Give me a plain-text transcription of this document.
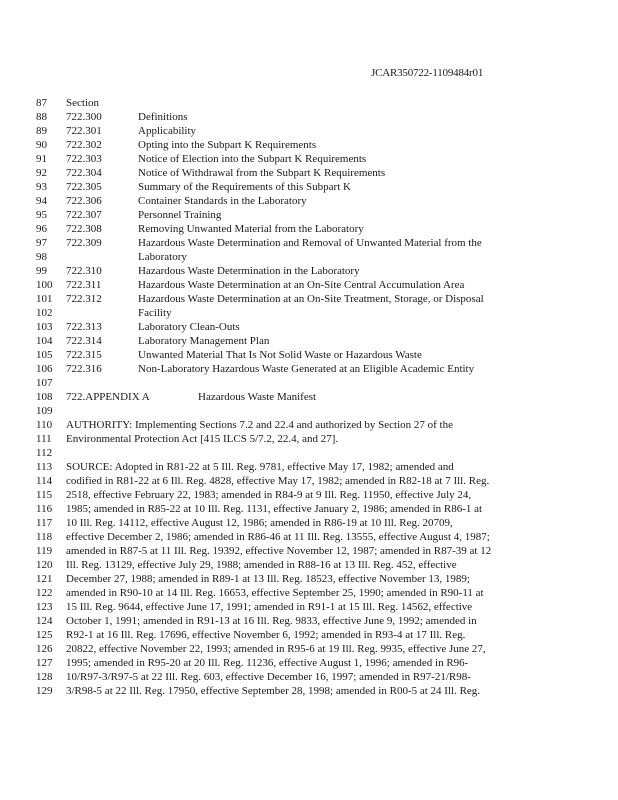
JCAR350722-1109484r01
87	Section
88	722.300	Definitions
89	722.301	Applicability
90	722.302	Opting into the Subpart K Requirements
91	722.303	Notice of Election into the Subpart K Requirements
92	722.304	Notice of Withdrawal from the Subpart K Requirements
93	722.305	Summary of the Requirements of this Subpart K
94	722.306	Container Standards in the Laboratory
95	722.307	Personnel Training
96	722.308	Removing Unwanted Material from the Laboratory
97	722.309	Hazardous Waste Determination and Removal of Unwanted Material from the
98	Laboratory
99	722.310	Hazardous Waste Determination in the Laboratory
100	722.311	Hazardous Waste Determination at an On-Site Central Accumulation Area
101	722.312	Hazardous Waste Determination at an On-Site Treatment, Storage, or Disposal
102	Facility
103	722.313	Laboratory Clean-Outs
104	722.314	Laboratory Management Plan
105	722.315	Unwanted Material That Is Not Solid Waste or Hazardous Waste
106	722.316	Non-Laboratory Hazardous Waste Generated at an Eligible Academic Entity
107
108	722.APPENDIX A	Hazardous Waste Manifest
109
110	AUTHORITY: Implementing Sections 7.2 and 22.4 and authorized by Section 27 of the
111	Environmental Protection Act [415 ILCS 5/7.2, 22.4, and 27].
112
113	SOURCE: Adopted in R81-22 at 5 Ill. Reg. 9781, effective May 17, 1982; amended and
114	codified in R81-22 at 6 Ill. Reg. 4828, effective May 17, 1982; amended in R82-18 at 7 Ill. Reg.
115	2518, effective February 22, 1983; amended in R84-9 at 9 Ill. Reg. 11950, effective July 24,
116	1985; amended in R85-22 at 10 Ill. Reg. 1131, effective January 2, 1986; amended in R86-1 at
117	10 Ill. Reg. 14112, effective August 12, 1986; amended in R86-19 at 10 Ill. Reg. 20709,
118	effective December 2, 1986; amended in R86-46 at 11 Ill. Reg. 13555, effective August 4, 1987;
119	amended in R87-5 at 11 Ill. Reg. 19392, effective November 12, 1987; amended in R87-39 at 12
120	Ill. Reg. 13129, effective July 29, 1988; amended in R88-16 at 13 Ill. Reg. 452, effective
121	December 27, 1988; amended in R89-1 at 13 Ill. Reg. 18523, effective November 13, 1989;
122	amended in R90-10 at 14 Ill. Reg. 16653, effective September 25, 1990; amended in R90-11 at
123	15 Ill. Reg. 9644, effective June 17, 1991; amended in R91-1 at 15 Ill. Reg. 14562, effective
124	October 1, 1991; amended in R91-13 at 16 Ill. Reg. 9833, effective June 9, 1992; amended in
125	R92-1 at 16 Ill. Reg. 17696, effective November 6, 1992; amended in R93-4 at 17 Ill. Reg.
126	20822, effective November 22, 1993; amended in R95-6 at 19 Ill. Reg. 9935, effective June 27,
127	1995; amended in R95-20 at 20 Ill. Reg. 11236, effective August 1, 1996; amended in R96-
128	10/R97-3/R97-5 at 22 Ill. Reg. 603, effective December 16, 1997; amended in R97-21/R98-
129	3/R98-5 at 22 Ill. Reg. 17950, effective September 28, 1998; amended in R00-5 at 24 Ill. Reg.
